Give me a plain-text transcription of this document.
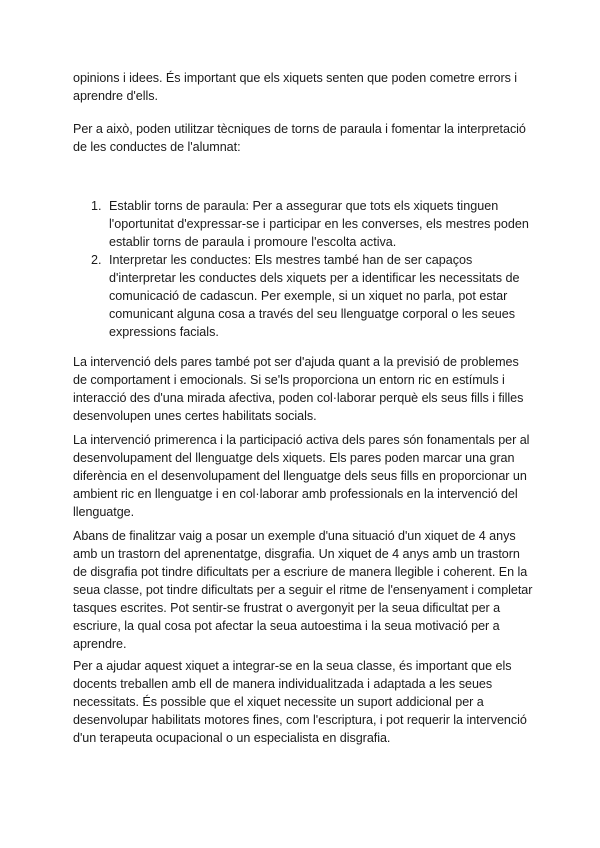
opinions i idees. És important que els xiquets senten que poden cometre errors i aprendre d'ells.

Per a això, poden utilitzar tècniques de torns de paraula i fomentar la interpretació de les conductes de l'alumnat:

1. Establir torns de paraula: Per a assegurar que tots els xiquets tinguen l'oportunitat d'expressar-se i participar en les converses, els mestres poden establir torns de paraula i promoure l'escolta activa.
2. Interpretar les conductes: Els mestres també han de ser capaços d'interpretar les conductes dels xiquets per a identificar les necessitats de comunicació de cadascun. Per exemple, si un xiquet no parla, pot estar comunicant alguna cosa a través del seu llenguatge corporal o les seues expressions facials.

La intervenció dels pares també pot ser d'ajuda quant a la previsió de problemes de comportament i emocionals. Si se'ls proporciona un entorn ric en estímuls i interacció des d'una mirada afectiva, poden col·laborar perquè els seus fills i filles desenvolupen unes certes habilitats socials.

La intervenció primerenca i la participació activa dels pares són fonamentals per al desenvolupament del llenguatge dels xiquets. Els pares poden marcar una gran diferència en el desenvolupament del llenguatge dels seus fills en proporcionar un ambient ric en llenguatge i en col·laborar amb professionals en la intervenció del llenguatge.

Abans de finalitzar vaig a posar un exemple d'una situació d'un xiquet de 4 anys amb un trastorn del aprenentatge, disgrafia. Un xiquet de 4 anys amb un trastorn de disgrafia pot tindre dificultats per a escriure de manera llegible i coherent. En la seua classe, pot tindre dificultats per a seguir el ritme de l'ensenyament i completar tasques escrites. Pot sentir-se frustrat o avergonyit per la seua dificultat per a escriure, la qual cosa pot afectar la seua autoestima i la seua motivació per a aprendre.

Per a ajudar aquest xiquet a integrar-se en la seua classe, és important que els docents treballen amb ell de manera individualitzada i adaptada a les seues necessitats. És possible que el xiquet necessite un suport addicional per a desenvolupar habilitats motores fines, com l'escriptura, i pot requerir la intervenció d'un terapeuta ocupacional o un especialista en disgrafia.
